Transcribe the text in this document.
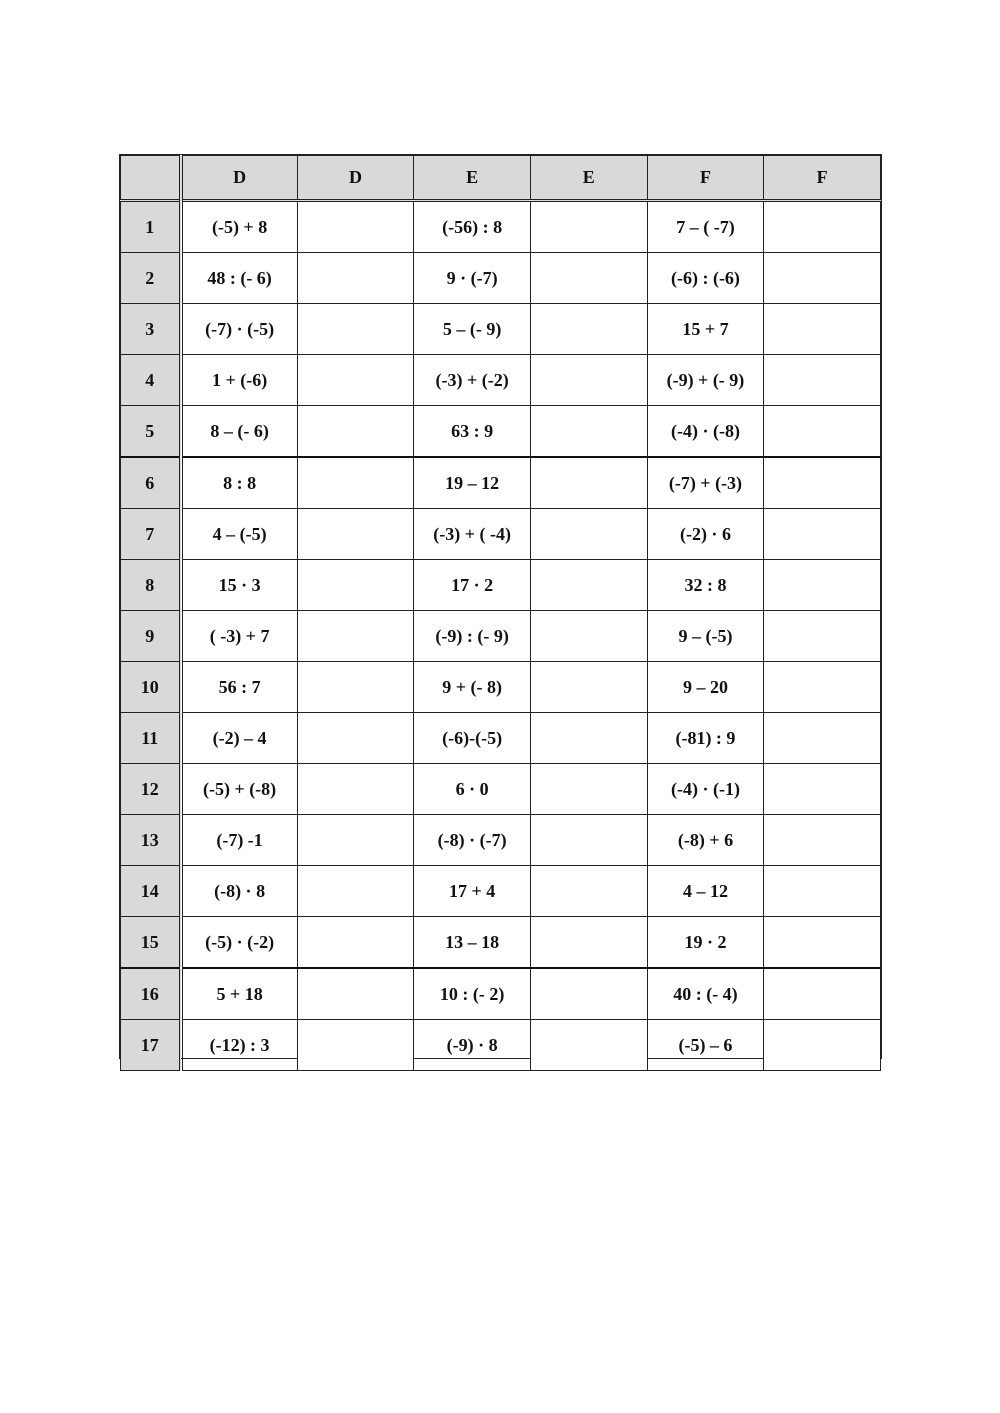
	D	D	E	E	F	F
1	(-5) + 8		(-56) : 8		7 – ( -7)	
2	48 : (- 6)		9 · (-7)		(-6) : (-6)	
3	(-7) · (-5)		5 – (- 9)		15 + 7	
4	1 + (-6)		(-3) + (-2)		(-9) + (- 9)	
5	8 – (- 6)		63 : 9		(-4) · (-8)	
6	8 : 8		19 – 12		(-7) + (-3)	
7	4 – (-5)		(-3) + ( -4)		(-2) · 6	
8	15 · 3		17 · 2		32 : 8	
9	( -3) + 7		(-9) : (- 9)		9 – (-5)	
10	56 : 7		9 + (- 8)		9 – 20	
11	(-2) – 4		(-6)-(-5)		(-81) : 9	
12	(-5) + (-8)		6 · 0		(-4) · (-1)	
13	(-7) -1		(-8) · (-7)		(-8) + 6	
14	(-8) · 8		17 + 4		4 – 12	
15	(-5) · (-2)		13 – 18		19 · 2	
16	5 + 18		10 : (- 2)		40 : (- 4)	
17	(-12) : 3		(-9) · 8		(-5) – 6	
